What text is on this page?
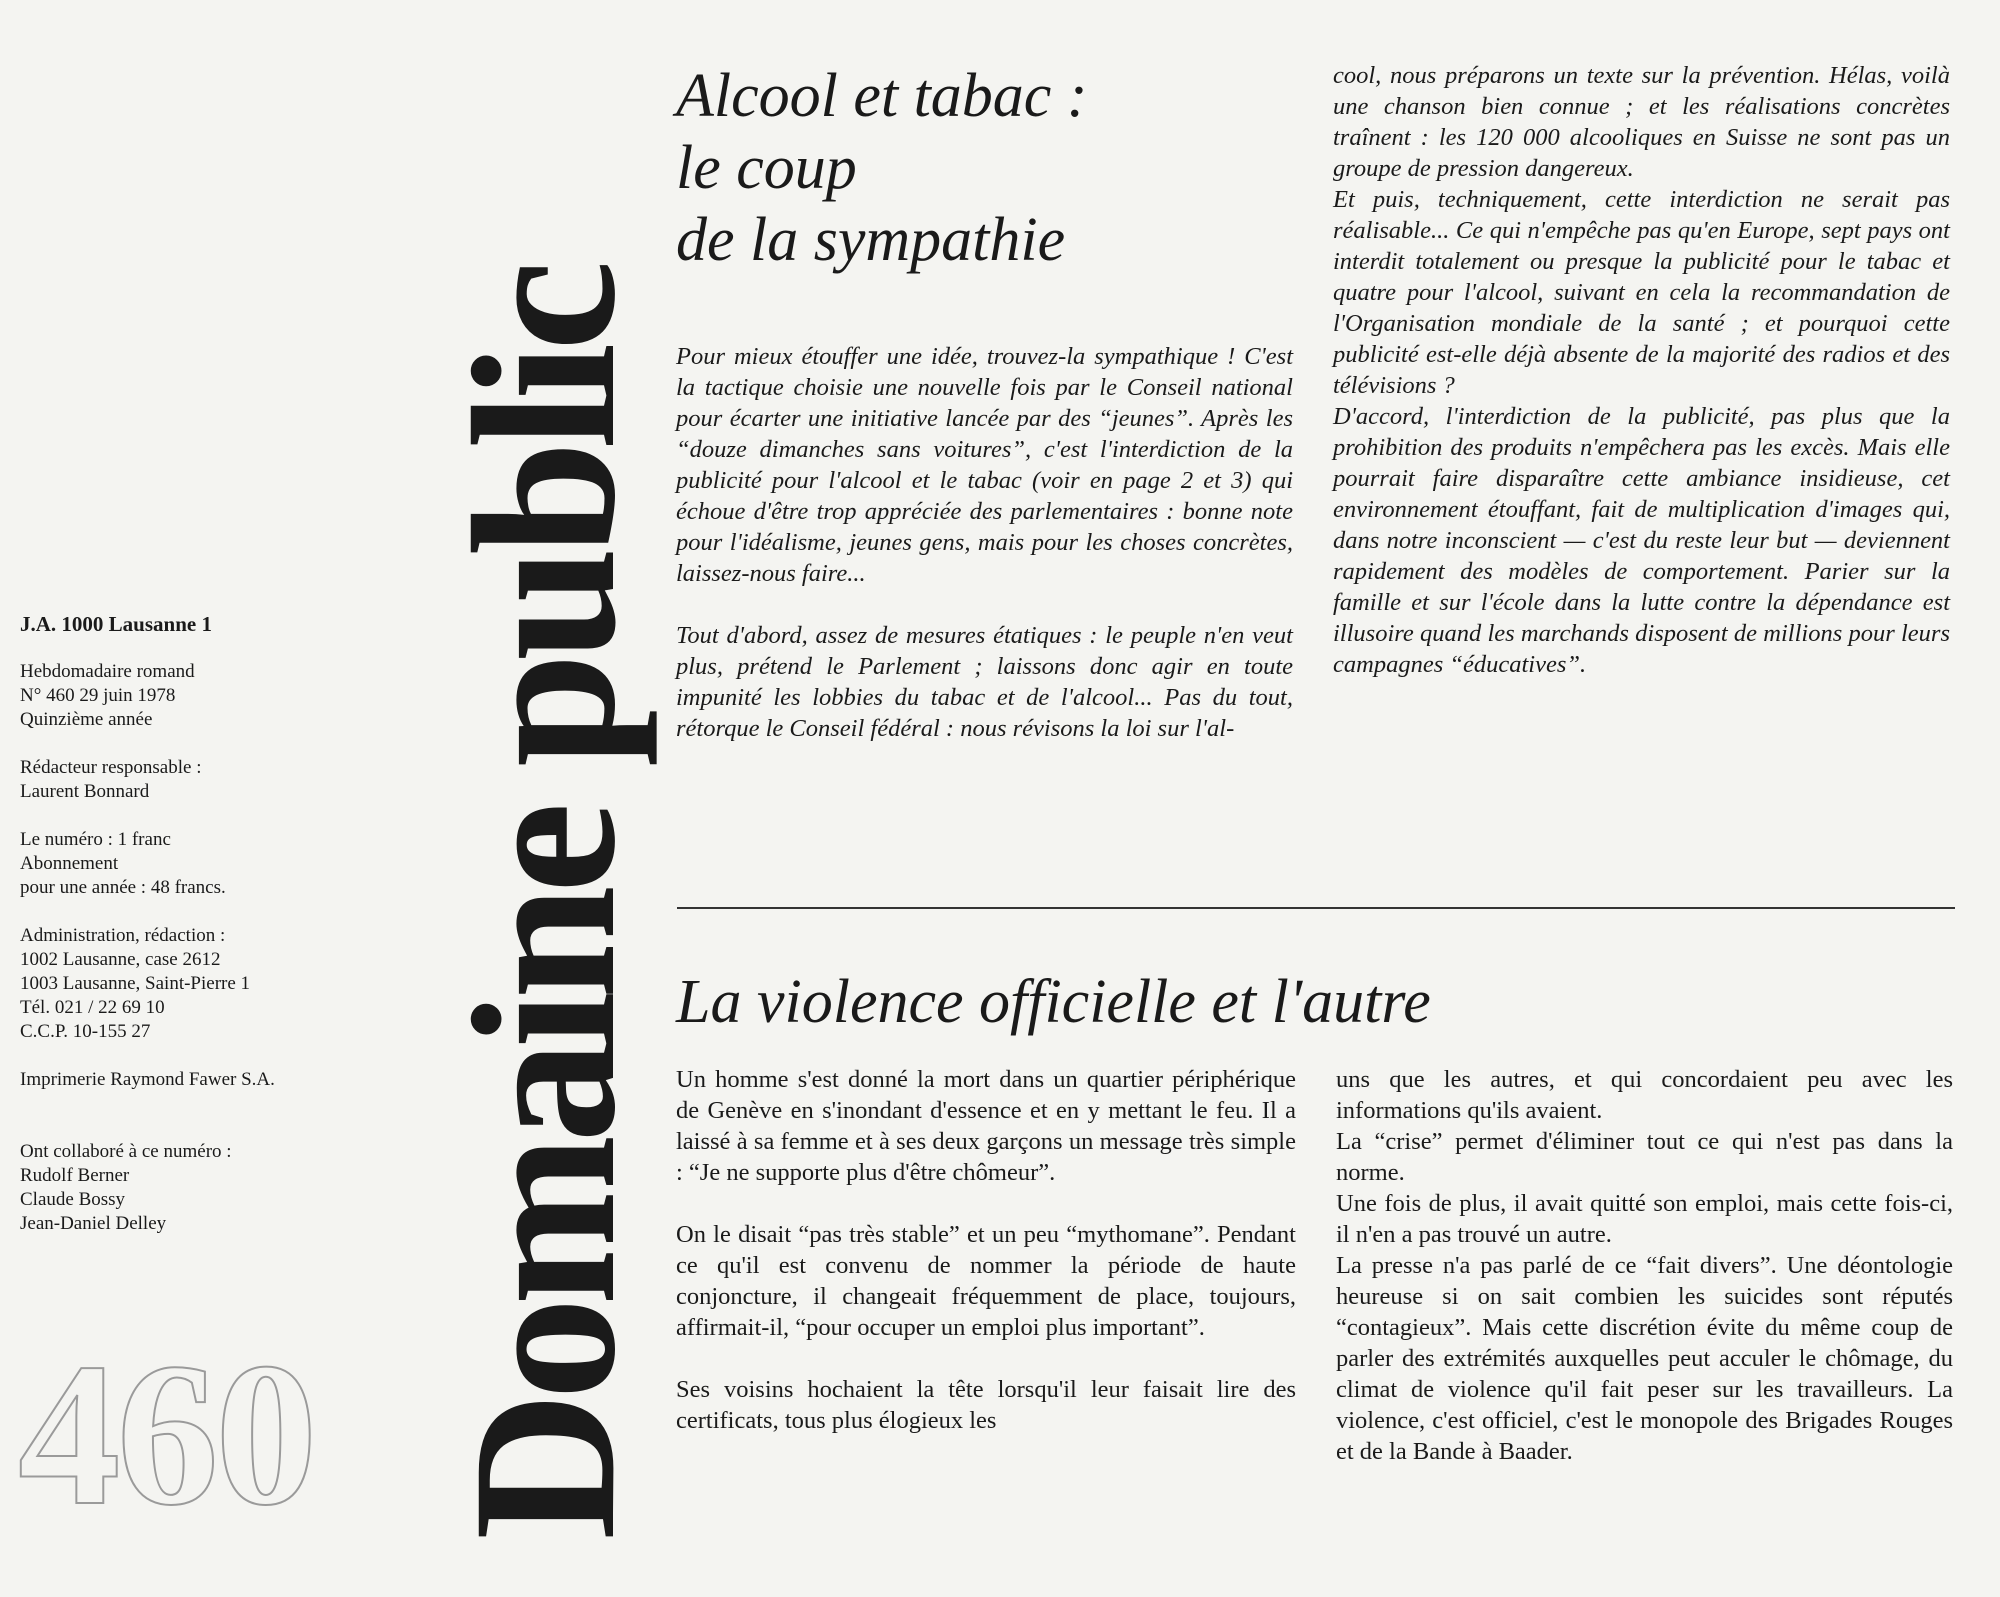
J.A. 1000 Lausanne 1
Hebdomadaire romand
N° 460 29 juin 1978
Quinzième année
Rédacteur responsable :
Laurent Bonnard
Le numéro : 1 franc
Abonnement
pour une année : 48 francs.
Administration, rédaction :
1002 Lausanne, case 2612
1003 Lausanne, Saint-Pierre 1
Tél. 021 / 22 69 10
C.C.P. 10-155 27
Imprimerie Raymond Fawer S.A.
Ont collaboré à ce numéro :
Rudolf Berner
Claude Bossy
Jean-Daniel Delley
460 Domaine public
Alcool et tabac :
le coup
de la sympathie

Pour mieux étouffer une idée, trouvez-la sympathique ! C'est la tactique choisie une nouvelle fois par le Conseil national pour écarter une initiative lancée par des “jeunes”. Après les “douze dimanches sans voitures”, c'est l'interdiction de la publicité pour l'alcool et le tabac (voir en page 2 et 3) qui échoue d'être trop appréciée des parlementaires : bonne note pour l'idéalisme, jeunes gens, mais pour les choses concrètes, laissez-nous faire...

Tout d'abord, assez de mesures étatiques : le peuple n'en veut plus, prétend le Parlement ; laissons donc agir en toute impunité les lobbies du tabac et de l'alcool... Pas du tout, rétorque le Conseil fédéral : nous révisons la loi sur l'al-

cool, nous préparons un texte sur la prévention. Hélas, voilà une chanson bien connue ; et les réalisations concrètes traînent : les 120 000 alcooliques en Suisse ne sont pas un groupe de pression dangereux.

Et puis, techniquement, cette interdiction ne serait pas réalisable... Ce qui n'empêche pas qu'en Europe, sept pays ont interdit totalement ou presque la publicité pour le tabac et quatre pour l'alcool, suivant en cela la recommandation de l'Organisation mondiale de la santé ; et pourquoi cette publicité est-elle déjà absente de la majorité des radios et des télévisions ?

D'accord, l'interdiction de la publicité, pas plus que la prohibition des produits n'empêchera pas les excès. Mais elle pourrait faire disparaître cette ambiance insidieuse, cet environnement étouffant, fait de multiplication d'images qui, dans notre inconscient — c'est du reste leur but — deviennent rapidement des modèles de comportement. Parier sur la famille et sur l'école dans la lutte contre la dépendance est illusoire quand les marchands disposent de millions pour leurs campagnes “éducatives”.

La violence officielle et l'autre

Un homme s'est donné la mort dans un quartier périphérique de Genève en s'inondant d'essence et en y mettant le feu. Il a laissé à sa femme et à ses deux garçons un message très simple : “Je ne supporte plus d'être chômeur”.

On le disait “pas très stable” et un peu “mythomane”. Pendant ce qu'il est convenu de nommer la période de haute conjoncture, il changeait fréquemment de place, toujours, affirmait-il, “pour occuper un emploi plus important”.

Ses voisins hochaient la tête lorsqu'il leur faisait lire des certificats, tous plus élogieux les

uns que les autres, et qui concordaient peu avec les informations qu'ils avaient.

La “crise” permet d'éliminer tout ce qui n'est pas dans la norme.

Une fois de plus, il avait quitté son emploi, mais cette fois-ci, il n'en a pas trouvé un autre.

La presse n'a pas parlé de ce “fait divers”. Une déontologie heureuse si on sait combien les suicides sont réputés “contagieux”. Mais cette discrétion évite du même coup de parler des extrémités auxquelles peut acculer le chômage, du climat de violence qu'il fait peser sur les travailleurs. La violence, c'est officiel, c'est le monopole des Brigades Rouges et de la Bande à Baader.
